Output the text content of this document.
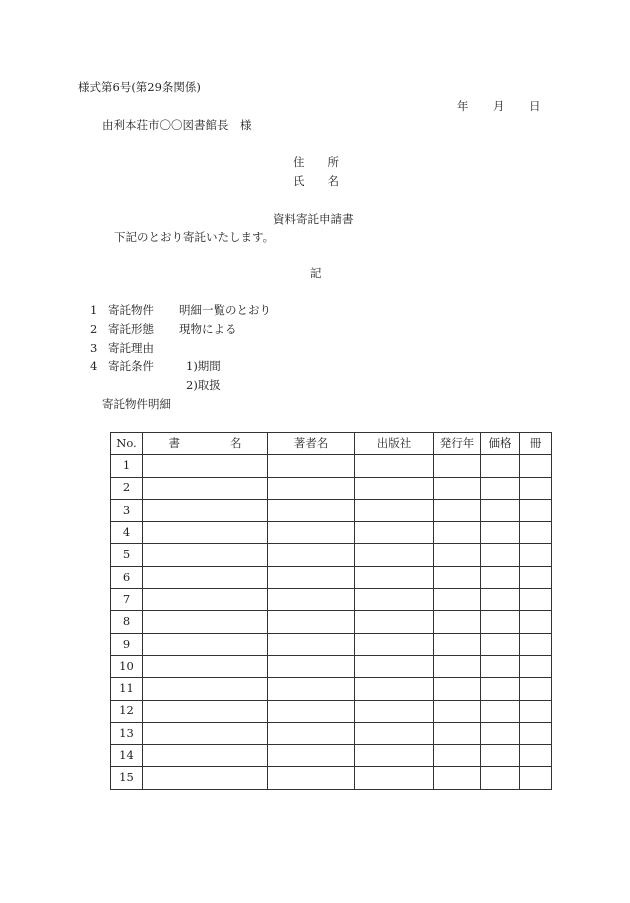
様式第6号(第29条関係)
年 月 日
由利本荘市〇〇図書館長　様
住　　所
氏　　名
資料寄託申請書
下記のとおり寄託いたします。
記
1 寄託物件 明細一覧のとおり
2 寄託形態 現物による
3 寄託理由
4 寄託条件	1)期間
2)取扱
寄託物件明細
No.	書 名	著者名	出版社	発行年	価格	冊
1						
2						
3						
4						
5						
6						
7						
8						
9						
10						
11						
12						
13						
14						
15						
